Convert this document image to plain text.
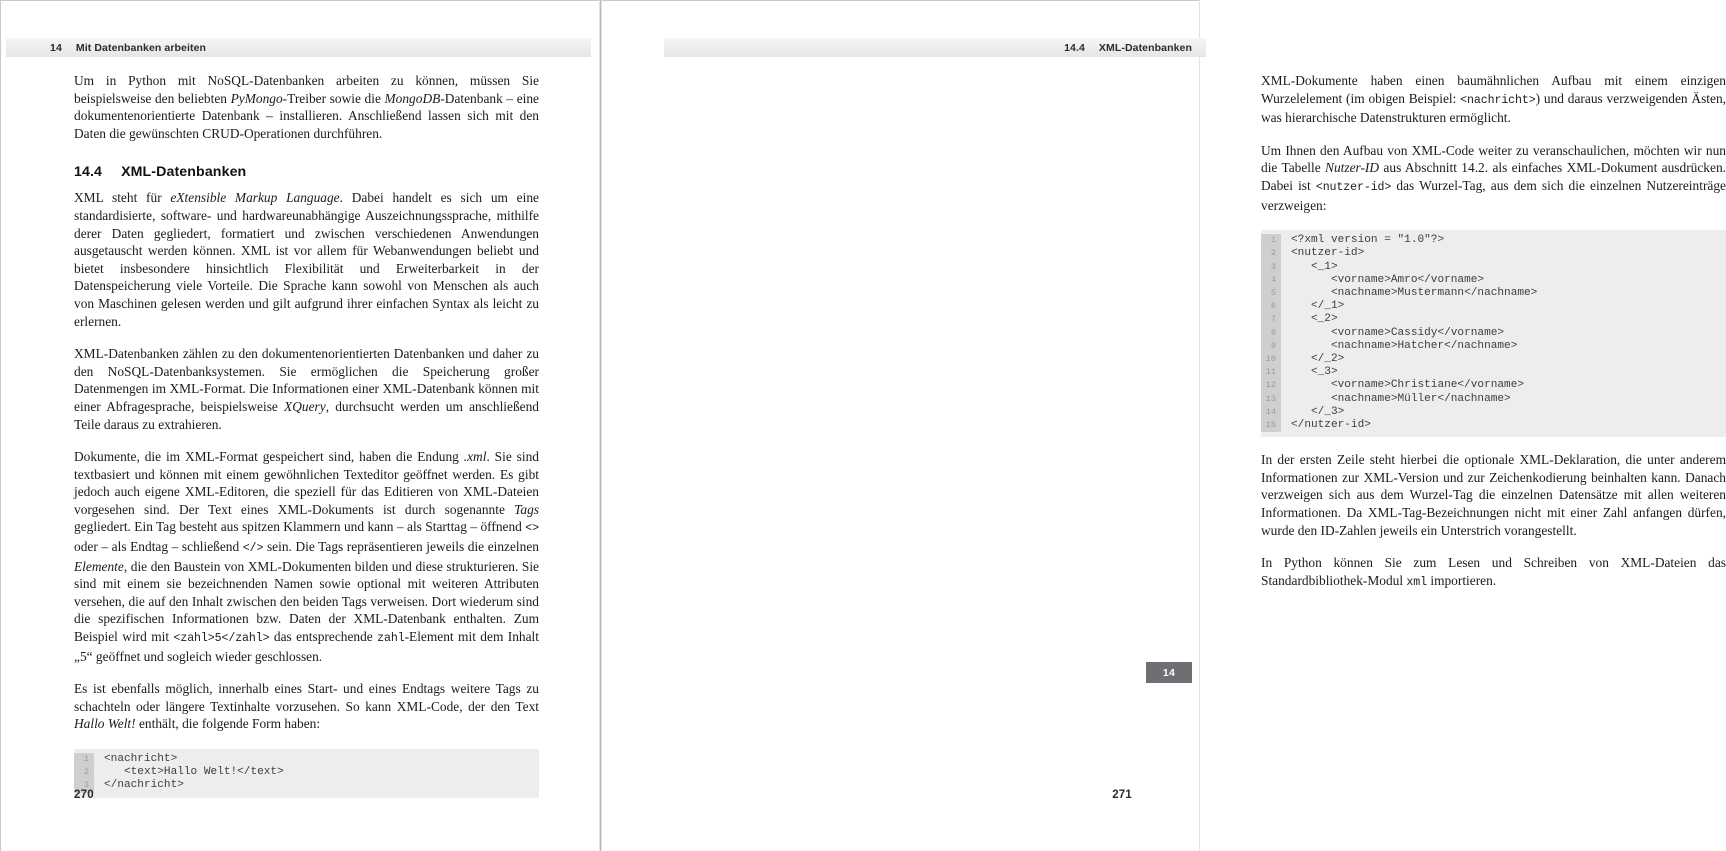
14 Mit Datenbanken arbeiten

Um in Python mit NoSQL-Datenbanken arbeiten zu können, müssen Sie beispielsweise den beliebten PyMongo-Treiber sowie die MongoDB-Datenbank – eine dokumentenorientierte Datenbank – installieren. Anschließend lassen sich mit den Daten die gewünschten CRUD-Operationen durchführen.

14.4 XML-Datenbanken

XML steht für eXtensible Markup Language. Dabei handelt es sich um eine standardisierte, software- und hardwareunabhängige Auszeichnungssprache, mithilfe derer Daten gegliedert, formatiert und zwischen verschiedenen Anwendungen ausgetauscht werden können. XML ist vor allem für Webanwendungen beliebt und bietet insbesondere hinsichtlich Flexibilität und Erweiterbarkeit in der Datenspeicherung viele Vorteile. Die Sprache kann sowohl von Menschen als auch von Maschinen gelesen werden und gilt aufgrund ihrer einfachen Syntax als leicht zu erlernen.

XML-Datenbanken zählen zu den dokumentenorientierten Datenbanken und daher zu den NoSQL-Datenbanksystemen. Sie ermöglichen die Speicherung großer Datenmengen im XML-Format. Die Informationen einer XML-Datenbank können mit einer Abfragesprache, beispielsweise XQuery, durchsucht werden um anschließend Teile daraus zu extrahieren.

Dokumente, die im XML-Format gespeichert sind, haben die Endung .xml. Sie sind textbasiert und können mit einem gewöhnlichen Texteditor geöffnet werden. Es gibt jedoch auch eigene XML-Editoren, die speziell für das Editieren von XML-Dateien vorgesehen sind. Der Text eines XML-Dokuments ist durch sogenannte Tags gegliedert. Ein Tag besteht aus spitzen Klammern und kann – als Starttag – öffnend <> oder – als Endtag – schließend </> sein. Die Tags repräsentieren jeweils die einzelnen Elemente, die den Baustein von XML-Dokumenten bilden und diese strukturieren. Sie sind mit einem sie bezeichnenden Namen sowie optional mit weiteren Attributen versehen, die auf den Inhalt zwischen den beiden Tags verweisen. Dort wiederum sind die spezifischen Informationen bzw. Daten der XML-Datenbank enthalten. Zum Beispiel wird mit <zahl>5</zahl> das entsprechende zahl-Element mit dem Inhalt „5“ geöffnet und sogleich wieder geschlossen.

Es ist ebenfalls möglich, innerhalb eines Start- und eines Endtags weitere Tags zu schachteln oder längere Textinhalte vorzusehen. So kann XML-Code, der den Text Hallo Welt! enthält, die folgende Form haben:

1	<nachricht>
2	<text>Hallo Welt!</text>
3	</nachricht>
270
14.4 XML-Datenbanken

XML-Dokumente haben einen baumähnlichen Aufbau mit einem einzigen Wurzelelement (im obigen Beispiel: <nachricht>) und daraus verzweigenden Ästen, was hierarchische Datenstrukturen ermöglicht.

Um Ihnen den Aufbau von XML-Code weiter zu veranschaulichen, möchten wir nun die Tabelle Nutzer-ID aus Abschnitt 14.2. als einfaches XML-Dokument ausdrücken. Dabei ist <nutzer-id> das Wurzel-Tag, aus dem sich die einzelnen Nutzereinträge verzweigen:

1	<?xml version = "1.0"?>
2	<nutzer-id>
3	<_1>
4	<vorname>Amro</vorname>
5	<nachname>Mustermann</nachname>
6	</_1>
7	<_2>
8	<vorname>Cassidy</vorname>
9	<nachname>Hatcher</nachname>
10	</_2>
11	<_3>
12	<vorname>Christiane</vorname>
13	<nachname>Müller</nachname>
14	</_3>
15	</nutzer-id>

In der ersten Zeile steht hierbei die optionale XML-Deklaration, die unter anderem Informationen zur XML-Version und zur Zeichenkodierung beinhalten kann. Danach verzweigen sich aus dem Wurzel-Tag die einzelnen Datensätze mit allen weiteren Informationen. Da XML-Tag-Bezeichnungen nicht mit einer Zahl anfangen dürfen, wurde den ID-Zahlen jeweils ein Unterstrich vorangestellt.

In Python können Sie zum Lesen und Schreiben von XML-Dateien das Standardbibliothek-Modul xml importieren.

14
271
